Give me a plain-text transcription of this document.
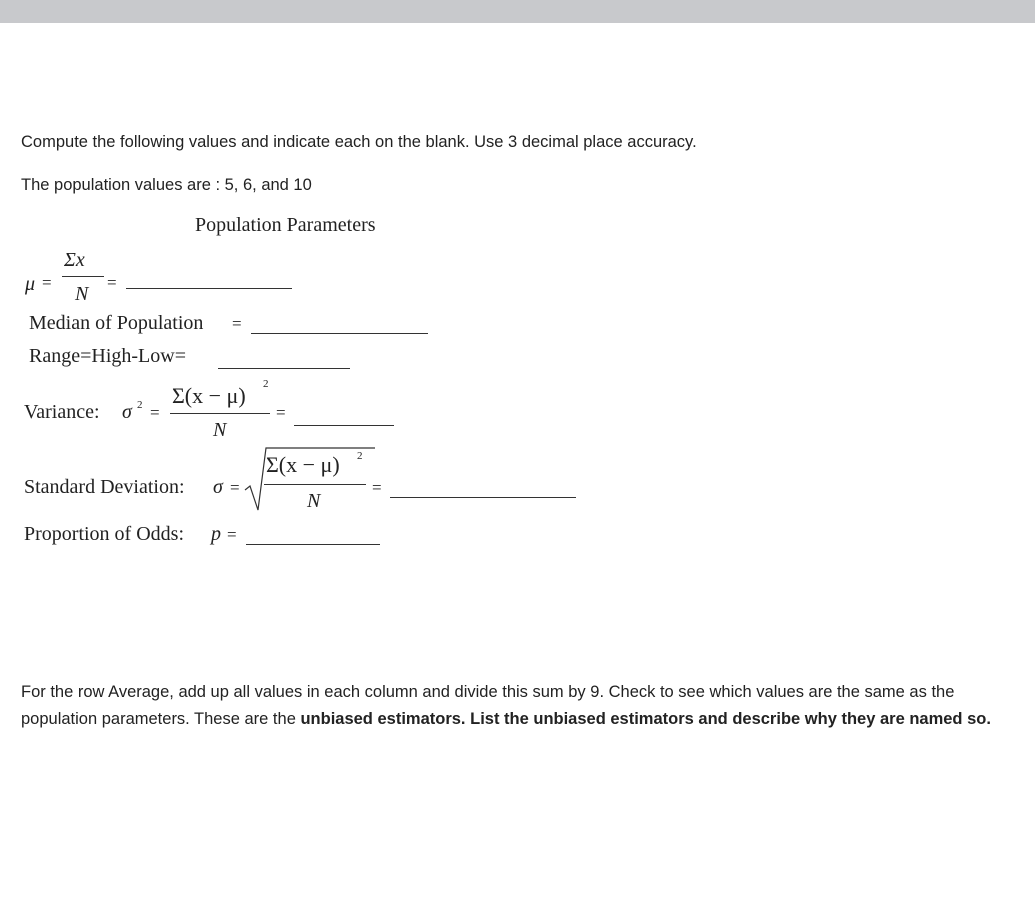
Compute the following values and indicate each on the blank. Use 3 decimal place accuracy.
The population values are : 5, 6, and 10
Population Parameters
μ =
Σx
N
=
Median of Population =
Range=High-Low=
Variance: σ 2 =
Σ(x − μ) 2
N
=
Standard Deviation: σ =
Σ(x − μ) 2
N
=
Proportion of Odds: p =
For the row Average, add up all values in each column and divide this sum by 9. Check to see which values are the same as the population parameters. These are the unbiased estimators. List the unbiased estimators and describe why they are named so.
